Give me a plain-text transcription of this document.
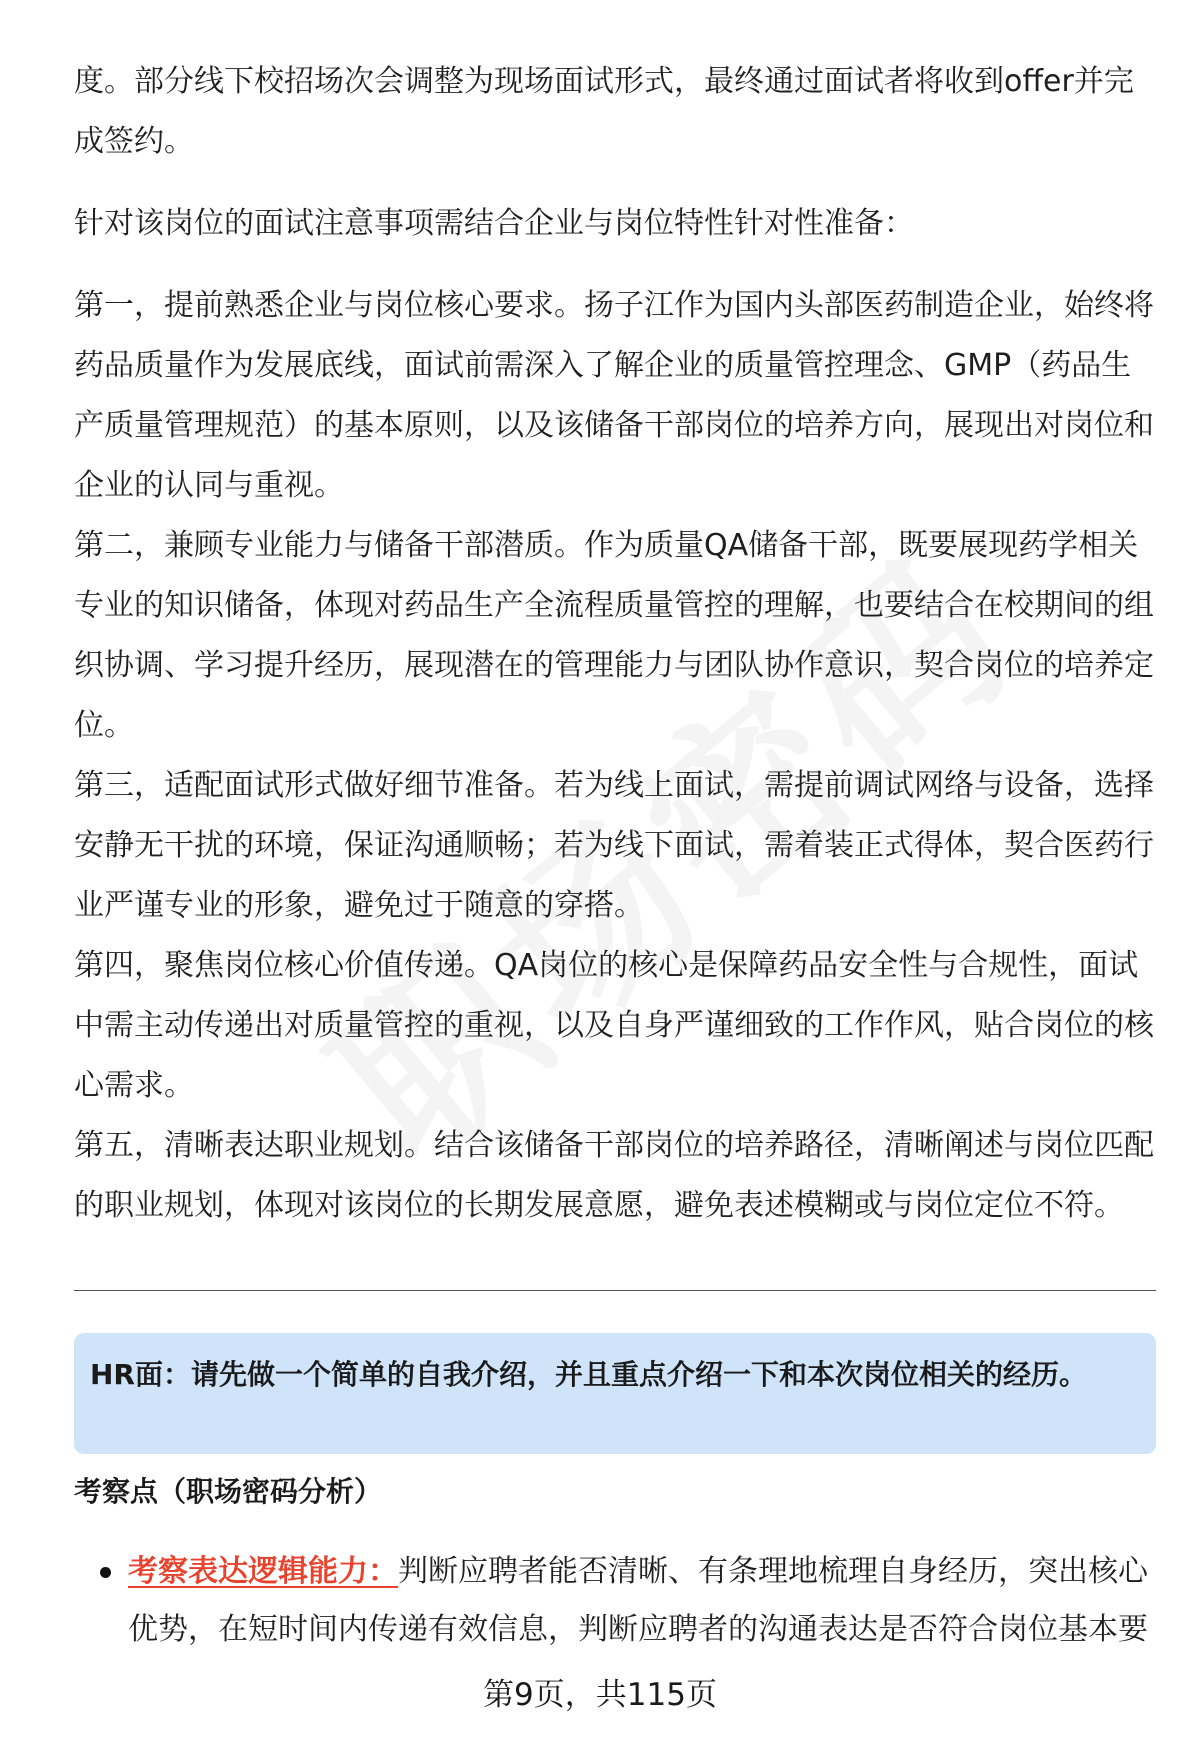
度。部分线下校招场次会调整为现场面试形式，最终通过面试者将收到offer并完成签约。

针对该岗位的面试注意事项需结合企业与岗位特性针对性准备：

第一，提前熟悉企业与岗位核心要求。扬子江作为国内头部医药制造企业，始终将药品质量作为发展底线，面试前需深入了解企业的质量管控理念、GMP（药品生产质量管理规范）的基本原则，以及该储备干部岗位的培养方向，展现出对岗位和企业的认同与重视。

第二，兼顾专业能力与储备干部潜质。作为质量QA储备干部，既要展现药学相关专业的知识储备，体现对药品生产全流程质量管控的理解，也要结合在校期间的组织协调、学习提升经历，展现潜在的管理能力与团队协作意识，契合岗位的培养定位。

第三，适配面试形式做好细节准备。若为线上面试，需提前调试网络与设备，选择安静无干扰的环境，保证沟通顺畅；若为线下面试，需着装正式得体，契合医药行业严谨专业的形象，避免过于随意的穿搭。

第四，聚焦岗位核心价值传递。QA岗位的核心是保障药品安全性与合规性，面试中需主动传递出对质量管控的重视，以及自身严谨细致的工作作风，贴合岗位的核心需求。

第五，清晰表达职业规划。结合该储备干部岗位的培养路径，清晰阐述与岗位匹配的职业规划，体现对该岗位的长期发展意愿，避免表述模糊或与岗位定位不符。

HR面：请先做一个简单的自我介绍，并且重点介绍一下和本次岗位相关的经历。
考察点（职场密码分析）
考察表达逻辑能力：判断应聘者能否清晰、有条理地梳理自身经历，突出核心优势，在短时间内传递有效信息，判断应聘者的沟通表达是否符合岗位基本要
第9页，共115页
